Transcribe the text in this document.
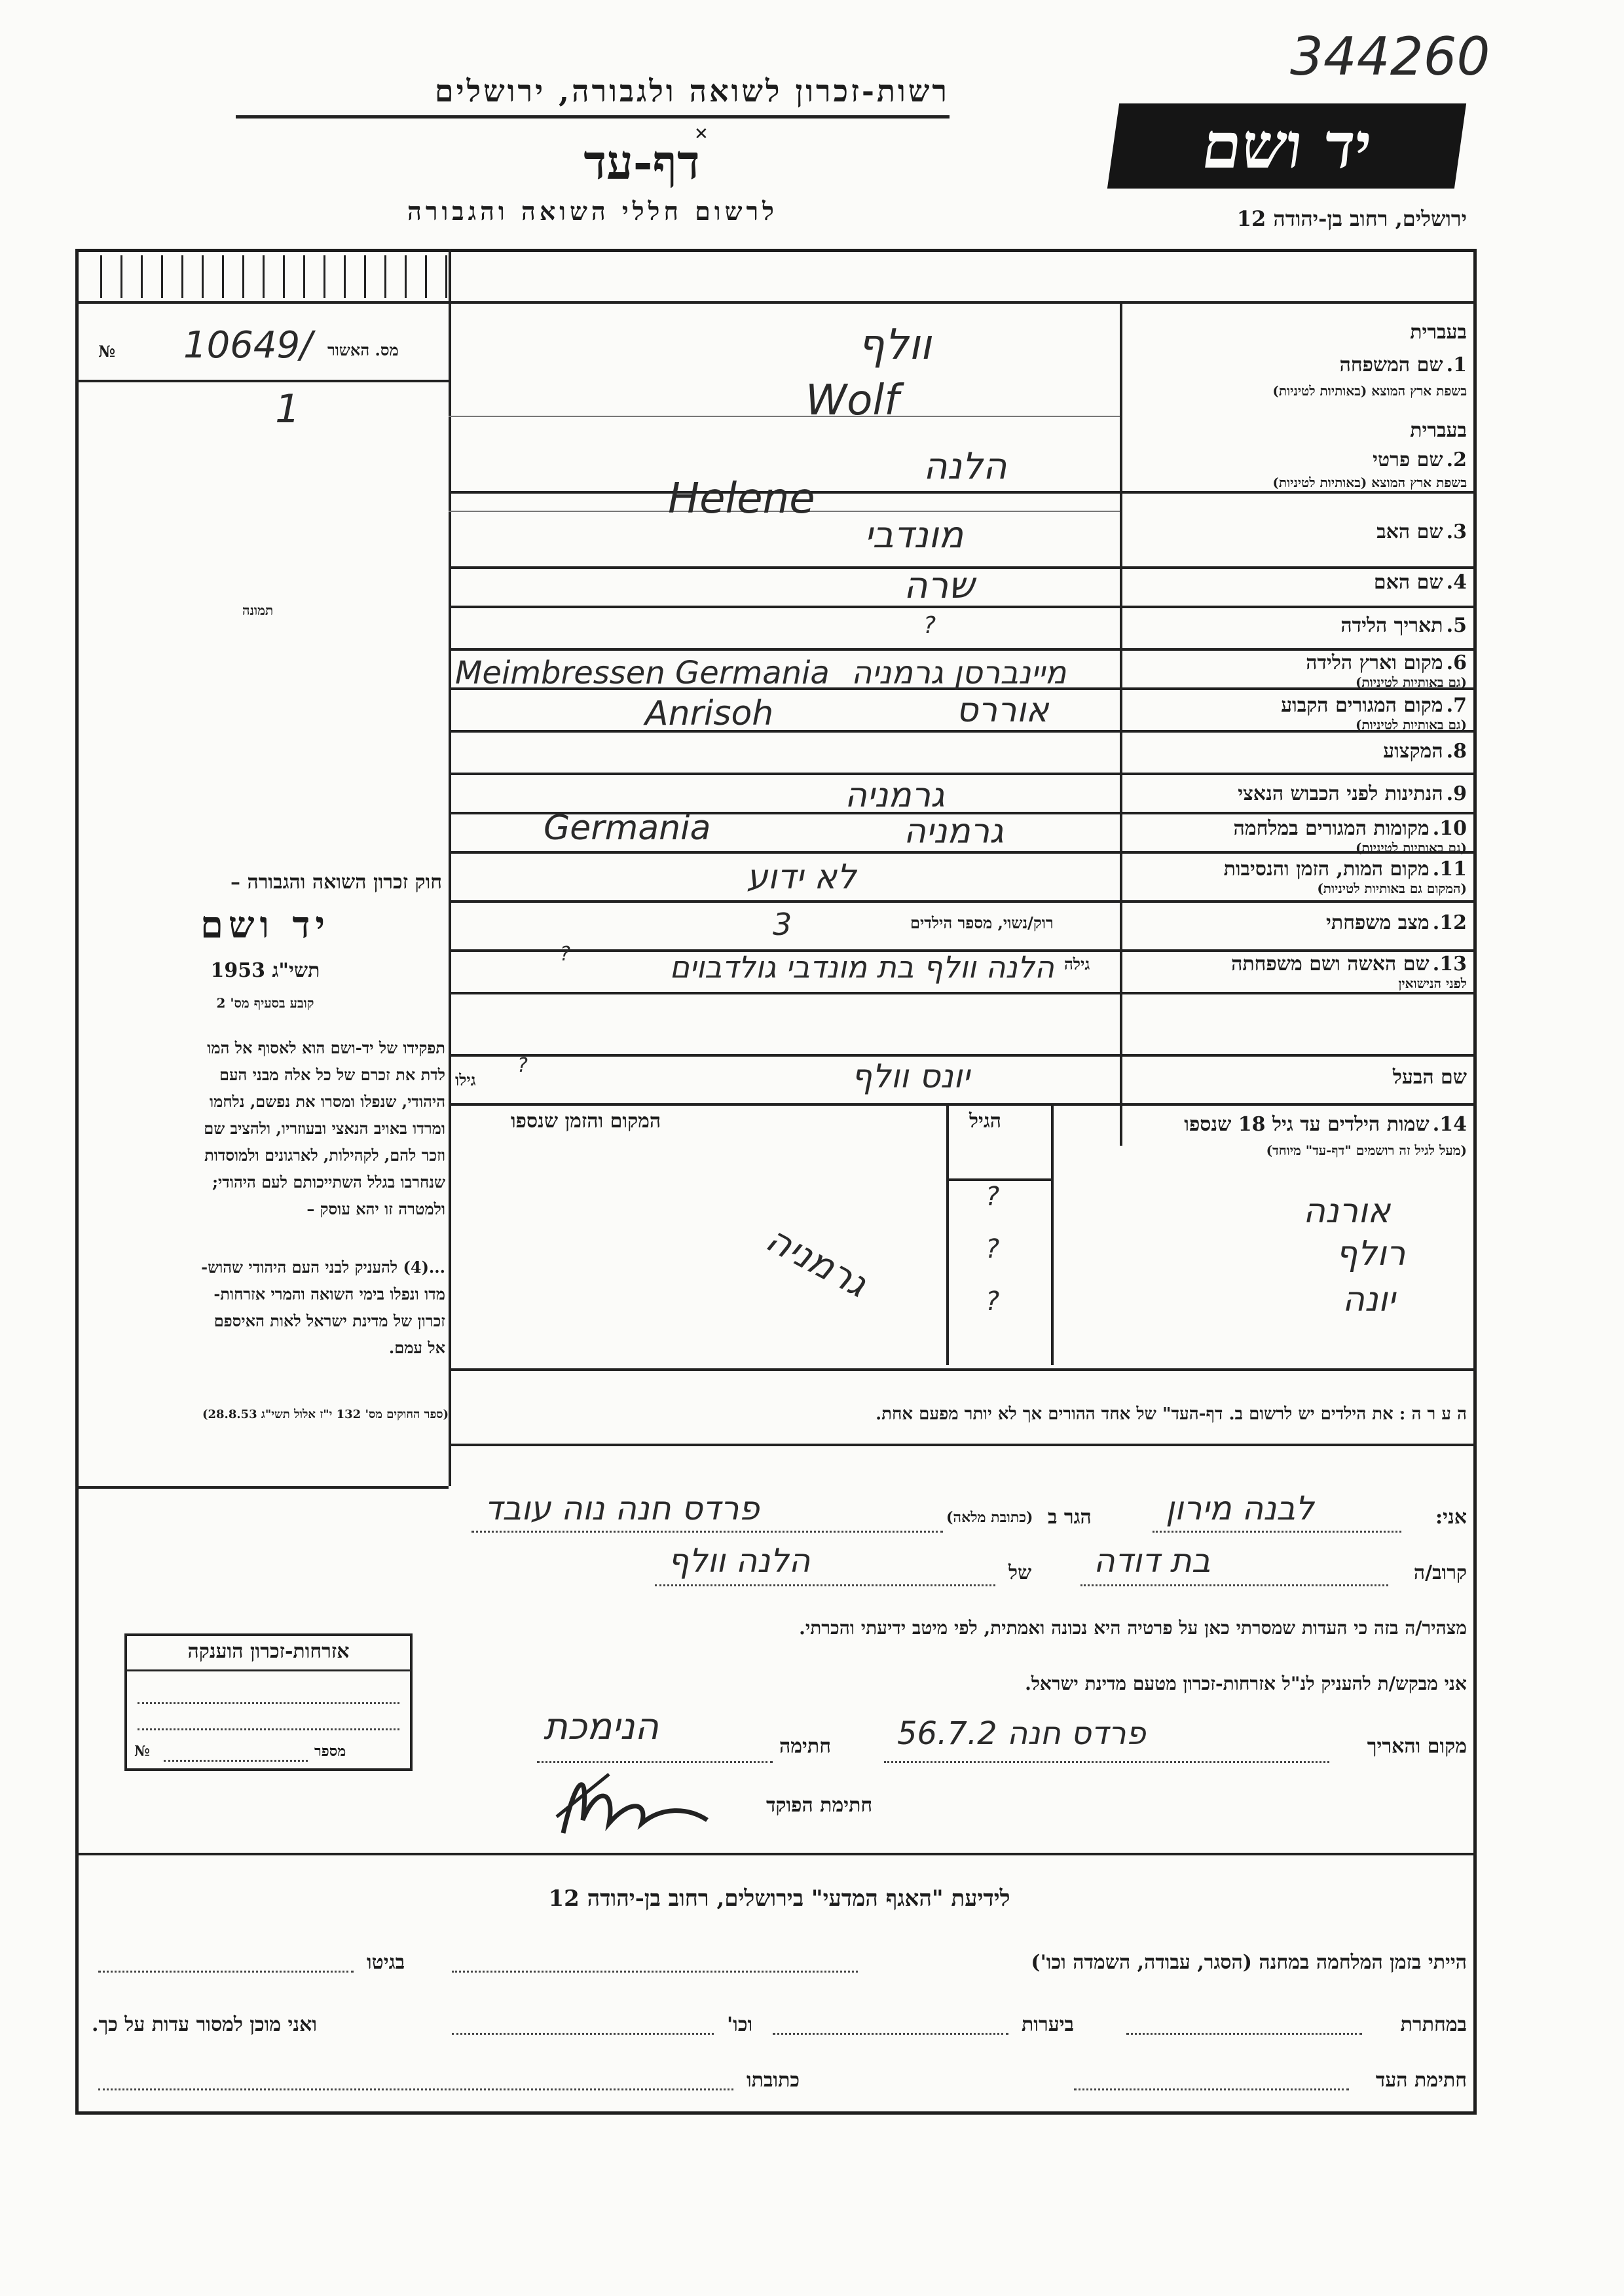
344260
רשות-זכרון לשואה ולגבורה, ירושלים
דף-עד
✕
לרשום חללי השואה והגבורה
יד ושם
ירושלים, רחוב בן-יהודה 12
מס. האשור
№ 10649/
1
תמונה
חוק זכרון השואה והגבורה –
יד ושם
תשי"ג 1953
קובע בסעיף מס' 2
תפקידו של יד-ושם הוא לאסוף אל המו
לדת את זכרם של כל אלה מבני העם
היהודי, שנפלו ומסרו את נפשם, נלחמו
ומרדו באויב הנאצי ובעוזריו, ולהציב שם
וזכר להם, לקהילות, לארגונים ולמוסדות
שנחרבו בגלל השתייכותם לעם היהודי;
ולמטרה זו יהא עוסק –
...(4) להעניק לבני העם היהודי שהוש-
מדו ונפלו בימי השואה והמרי אזרחות-
זכרון של מדינת ישראל לאות האיספם
אל עמם.
(ספר החוקים מס' 132 י"ז אלול תשי"ג 28.8.53)
בעברית
1. שם המשפחה
בשפת ארץ המוצא (באותיות לטיניות)
וולף
Wolf
בעברית
2. שם פרטי
בשפת ארץ המוצא (באותיות לטיניות)
הלנה
Helene
3. שם האב
מונדבי
4. שם האם
שרה
5. תאריך הלידה
?
6. מקום וארץ הלידה
(גם באותיות לטיניות)
מיינברסן גרמניה
Meimbressen Germania
7. מקום המגורים הקבוע
(גם באותיות לטיניות)
אוררס
Anrisoh
8. המקצוע
9. הנתינות לפני הכבוש הנאצי
גרמניה
10. מקומות המגורים במלחמה
(גם באותיות לטיניות)
גרמניה
Germania
11. מקום המות, הזמן והנסיבות
(המקום גם באותיות לטיניות)
לא ידוע
12. מצב משפחתי
רוק/נשוי, מספר הילדים
3
13. שם האשה ושם משפחתה
לפני הנישואין
גילה
הלנה וולף בת מונדבי גולדבוים
?
שם הבעל
גילו	יונס וולף
?
14. שמות הילדים עד גיל 18 שנספו
(מעל לגיל זה רושמים "דף-עד" מיוחד)
הגיל
המקום והזמן שנספו
אורנה
רולף
יונה
?
?
?
גרמניה
ה ע ר ה : את הילדים יש לרשום ב. דף-העד" של אחד ההורים אך לא יותר מפעם אחת.
אני:
לבנה מירון
הגר ב
(כתובת מלאה)
פרדס חנה נוה עובד
קרוב/ה
בת דודה
של
הלנה וולף
מצהיר/ה בזה כי העדות שמסרתי כאן על פרטיה היא נכונה ואמתית, לפי מיטב ידיעתי והכרתי.
אני מבקש/ת להעניק לנ"ל אזרחות-זכרון מטעם מדינת ישראל.
מקום והאריך
פרדס חנה 56.7.2
חתימה
הנימכת
חתימת הפוקד
אזרחות-זכרון הוענקה
מספר
№
לידיעת "האגף המדעי" בירושלים, רחוב בן-יהודה 12
הייתי בזמן המלחמה במחנה (הסגר, עבודה, השמדה וכו')
בגיטו
במחתרת
ביערות
וכו'
ואני מוכן למסור עדות על כך.
חתימת העד
כתובתו
